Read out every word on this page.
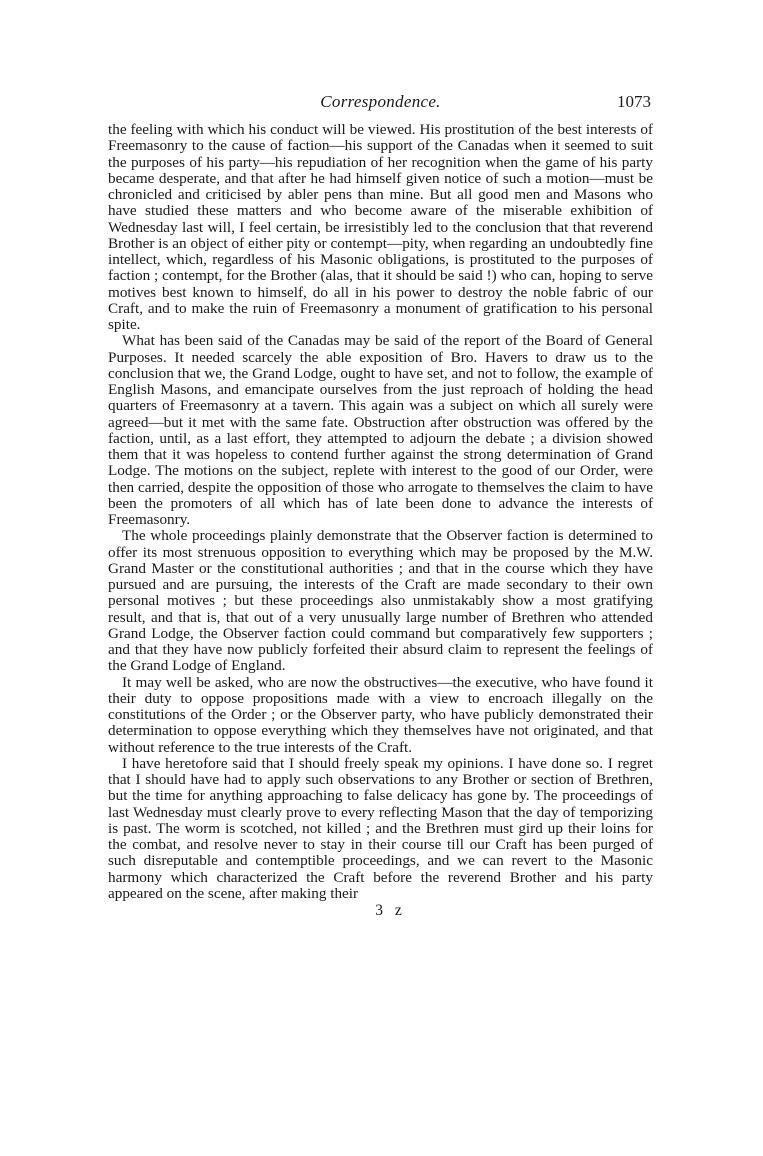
Correspondence.	1073

the feeling with which his conduct will be viewed. His prostitution of the best interests of Freemasonry to the cause of faction—his support of the Canadas when it seemed to suit the purposes of his party—his repudiation of her recognition when the game of his party became desperate, and that after he had himself given notice of such a motion—must be chronicled and criticised by abler pens than mine. But all good men and Masons who have studied these matters and who become aware of the miserable exhibition of Wednesday last will, I feel certain, be irresistibly led to the conclusion that that reverend Brother is an object of either pity or contempt—pity, when regarding an undoubtedly fine intellect, which, regardless of his Masonic obligations, is prostituted to the purposes of faction ; contempt, for the Brother (alas, that it should be said !) who can, hoping to serve motives best known to himself, do all in his power to destroy the noble fabric of our Craft, and to make the ruin of Freemasonry a monument of gratification to his personal spite.

What has been said of the Canadas may be said of the report of the Board of General Purposes. It needed scarcely the able exposition of Bro. Havers to draw us to the conclusion that we, the Grand Lodge, ought to have set, and not to follow, the example of English Masons, and emancipate ourselves from the just reproach of holding the head quarters of Freemasonry at a tavern. This again was a subject on which all surely were agreed—but it met with the same fate. Obstruction after obstruction was offered by the faction, until, as a last effort, they attempted to adjourn the debate ; a division showed them that it was hopeless to contend further against the strong determination of Grand Lodge. The motions on the subject, replete with interest to the good of our Order, were then carried, despite the opposition of those who arrogate to themselves the claim to have been the promoters of all which has of late been done to advance the interests of Freemasonry.

The whole proceedings plainly demonstrate that the Observer faction is determined to offer its most strenuous opposition to everything which may be proposed by the M.W. Grand Master or the constitutional authorities ; and that in the course which they have pursued and are pursuing, the interests of the Craft are made secondary to their own personal motives ; but these proceedings also unmistakably show a most gratifying result, and that is, that out of a very unusually large number of Brethren who attended Grand Lodge, the Observer faction could command but comparatively few supporters ; and that they have now publicly forfeited their absurd claim to represent the feelings of the Grand Lodge of England.

It may well be asked, who are now the obstructives—the executive, who have found it their duty to oppose propositions made with a view to encroach illegally on the constitutions of the Order ; or the Observer party, who have publicly demonstrated their determination to oppose everything which they themselves have not originated, and that without reference to the true interests of the Craft.

I have heretofore said that I should freely speak my opinions. I have done so. I regret that I should have had to apply such observations to any Brother or section of Brethren, but the time for anything approaching to false delicacy has gone by. The proceedings of last Wednesday must clearly prove to every reflecting Mason that the day of temporizing is past. The worm is scotched, not killed ; and the Brethren must gird up their loins for the combat, and resolve never to stay in their course till our Craft has been purged of such disreputable and contemptible proceedings, and we can revert to the Masonic harmony which characterized the Craft before the reverend Brother and his party appeared on the scene, after making their

3 z
